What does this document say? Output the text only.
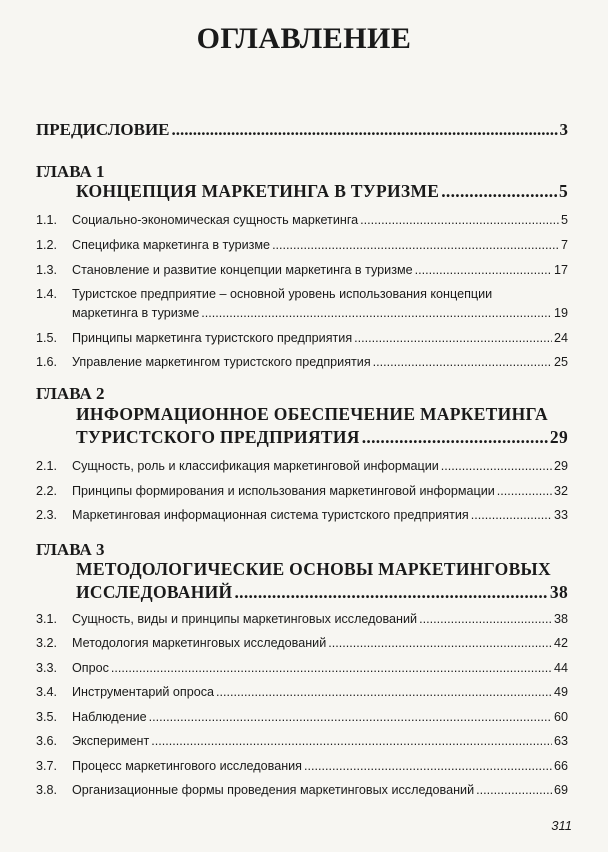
ОГЛАВЛЕНИЕ
ПРЕДИСЛОВИЕ .....	3
ГЛАВА 1
КОНЦЕПЦИЯ МАРКЕТИНГА В ТУРИЗМЕ .....	5
1.1.	Социально-экономическая сущность маркетинга .....	5
1.2.	Специфика маркетинга в туризме .....	7
1.3.	Становление и развитие концепции маркетинга в туризме .....	17
1.4.	Туристское предприятие – основной уровень использования концепции
маркетинга в туризме .....	19
1.5.	Принципы маркетинга туристского предприятия .....	24
1.6.	Управление маркетингом туристского предприятия .....	25
ГЛАВА 2
ИНФОРМАЦИОННОЕ ОБЕСПЕЧЕНИЕ МАРКЕТИНГА
ТУРИСТСКОГО ПРЕДПРИЯТИЯ .....	29
2.1.	Сущность, роль и классификация маркетинговой информации .....	29
2.2.	Принципы формирования и использования маркетинговой информации .....	32
2.3.	Маркетинговая информационная система туристского предприятия .....	33
ГЛАВА 3
МЕТОДОЛОГИЧЕСКИЕ ОСНОВЫ МАРКЕТИНГОВЫХ
ИССЛЕДОВАНИЙ .....	38
3.1.	Сущность, виды и принципы маркетинговых исследований .....	38
3.2.	Методология маркетинговых исследований .....	42
3.3.	Опрос .....	44
3.4.	Инструментарий опроса .....	49
3.5.	Наблюдение .....	60
3.6.	Эксперимент .....	63
3.7.	Процесс маркетингового исследования .....	66
3.8.	Организационные формы проведения маркетинговых исследований .....	69
311
